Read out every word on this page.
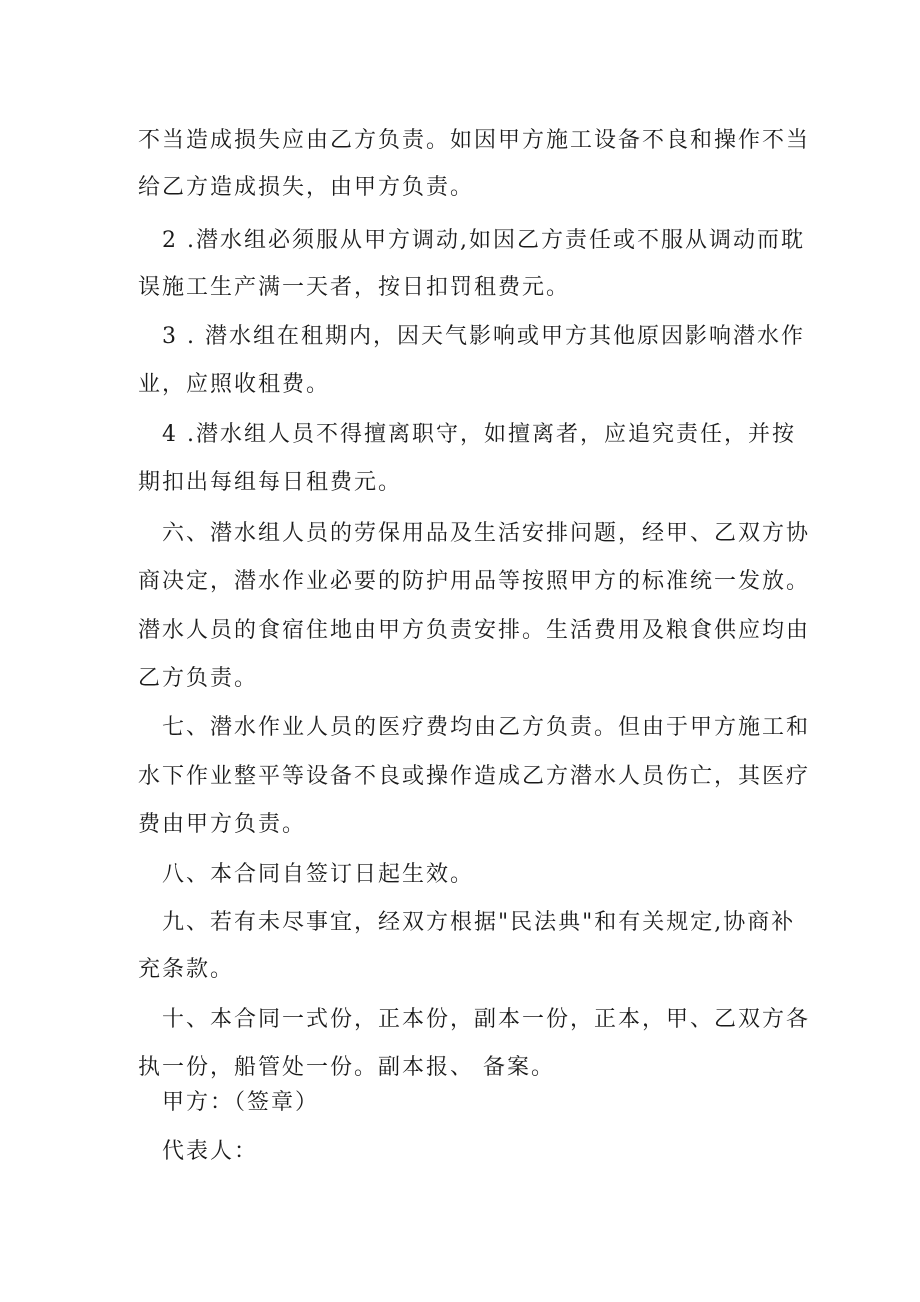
不当造成损失应由乙方负责。如因甲方施工设备不良和操作不当
给乙方造成损失，由甲方负责。
　2 .潜水组必须服从甲方调动,如因乙方责任或不服从调动而耽
误施工生产满一天者，按日扣罚租费元。
　3 . 潜水组在租期内，因天气影响或甲方其他原因影响潜水作
业，应照收租费。
　4 .潜水组人员不得擅离职守，如擅离者，应追究责任，并按
期扣出每组每日租费元。
　六、潜水组人员的劳保用品及生活安排问题，经甲、乙双方协
商决定，潜水作业必要的防护用品等按照甲方的标准统一发放。
潜水人员的食宿住地由甲方负责安排。生活费用及粮食供应均由
乙方负责。
　七、潜水作业人员的医疗费均由乙方负责。但由于甲方施工和
水下作业整平等设备不良或操作造成乙方潜水人员伤亡，其医疗
费由甲方负责。
　八、本合同自签订日起生效。
　九、若有未尽事宜，经双方根据"民法典"和有关规定,协商补
充条款。
　十、本合同一式份，正本份，副本一份，正本，甲、乙双方各
执一份，船管处一份。副本报、 备案。
　甲方：（签章）
　代表人：
